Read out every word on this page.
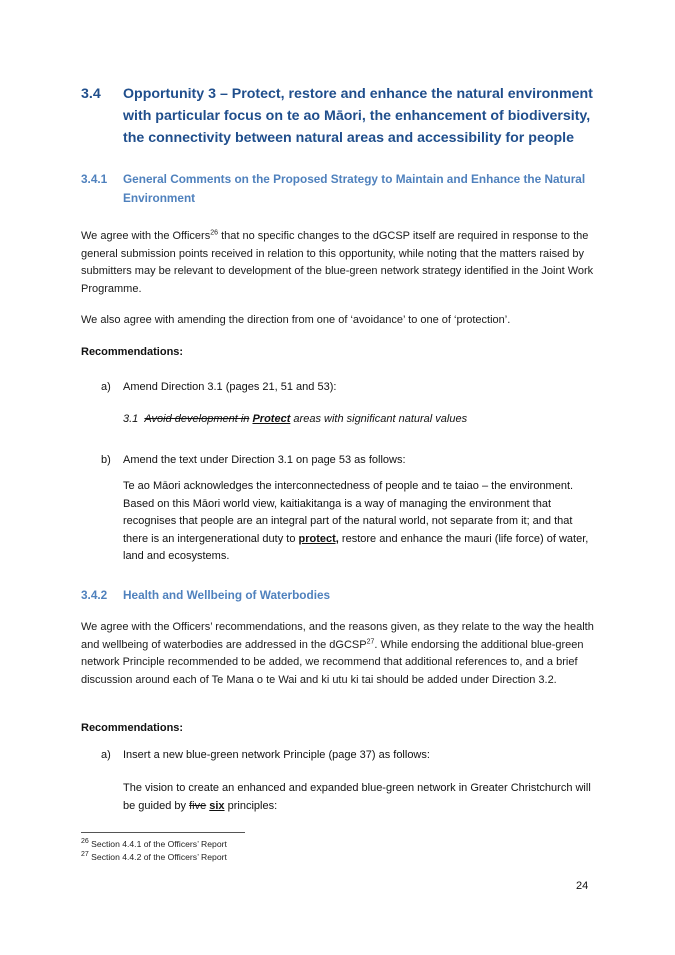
3.4	Opportunity 3 – Protect, restore and enhance the natural environment with particular focus on te ao Māori, the enhancement of biodiversity, the connectivity between natural areas and accessibility for people
3.4.1 General Comments on the Proposed Strategy to Maintain and Enhance the Natural Environment
We agree with the Officers$^{26}$ that no specific changes to the dGCSP itself are required in response to the general submission points received in relation to this opportunity, while noting that the matters raised by submitters may be relevant to development of the blue-green network strategy identified in the Joint Work Programme.
We also agree with amending the direction from one of ‘avoidance’ to one of ‘protection’.
Recommendations:
a) Amend Direction 3.1 (pages 21, 51 and 53):
3.1 Avoid development in Protect areas with significant natural values
b) Amend the text under Direction 3.1 on page 53 as follows:
Te ao Māori acknowledges the interconnectedness of people and te taiao – the environment. Based on this Māori world view, kaitiakitanga is a way of managing the environment that recognises that people are an integral part of the natural world, not separate from it; and that there is an intergenerational duty to protect, restore and enhance the mauri (life force) of water, land and ecosystems.
3.4.2 Health and Wellbeing of Waterbodies
We agree with the Officers’ recommendations, and the reasons given, as they relate to the way the health and wellbeing of waterbodies are addressed in the dGCSP$^{27}$. While endorsing the additional blue-green network Principle recommended to be added, we recommend that additional references to, and a brief discussion around each of Te Mana o te Wai and ki utu ki tai should be added under Direction 3.2.
Recommendations:
a) Insert a new blue-green network Principle (page 37) as follows:
The vision to create an enhanced and expanded blue-green network in Greater Christchurch will be guided by five six principles:
$^{26}$ Section 4.4.1 of the Officers’ Report
$^{27}$ Section 4.4.2 of the Officers’ Report
24
